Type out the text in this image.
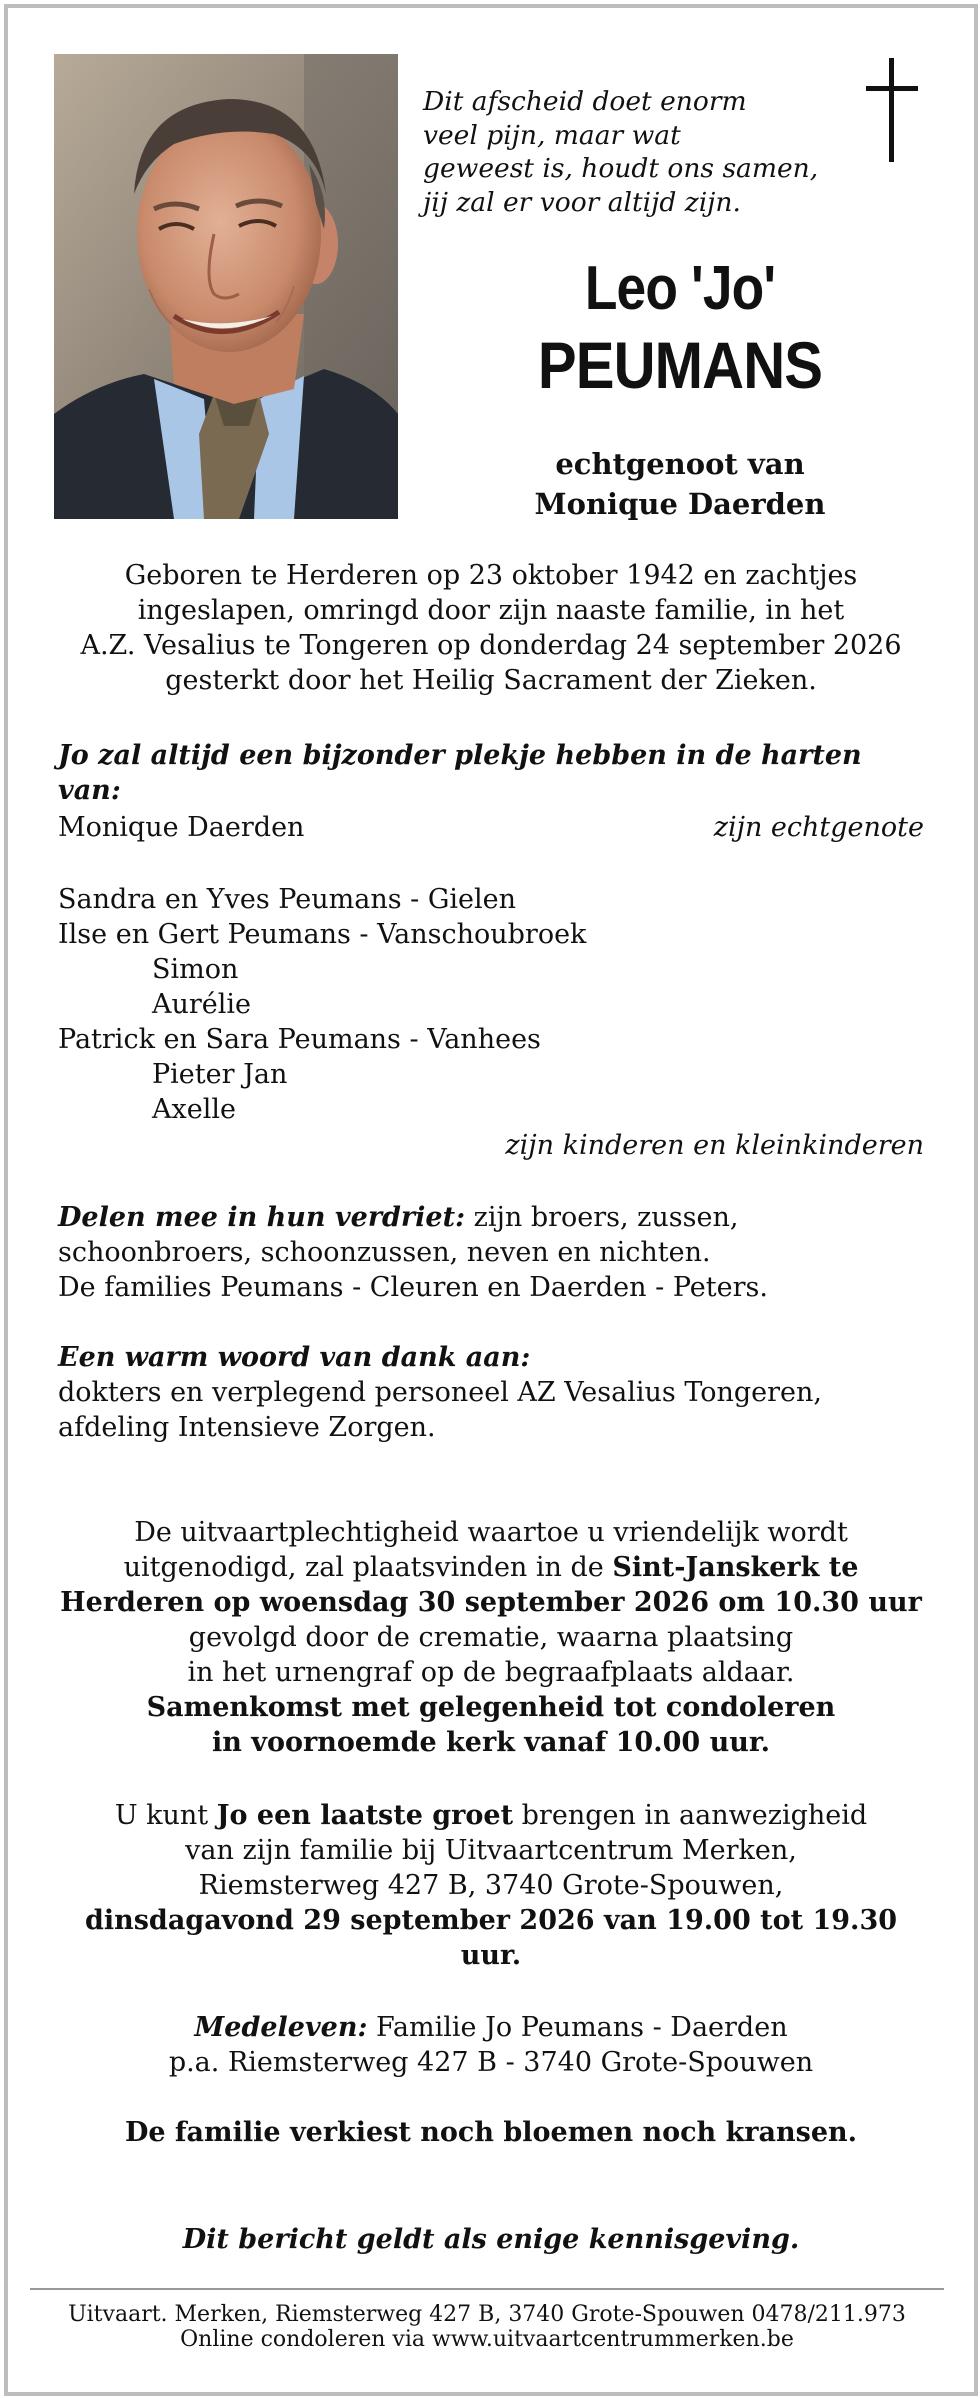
Dit afscheid doet enorm
veel pijn, maar wat
geweest is, houdt ons samen,
jij zal er voor altijd zijn.
Leo 'Jo'
PEUMANS
echtgenoot van
Monique Daerden
Geboren te Herderen op 23 oktober 1942 en zachtjes
ingeslapen, omringd door zijn naaste familie, in het
A.Z. Vesalius te Tongeren op donderdag 24 september 2026
gesterkt door het Heilig Sacrament der Zieken.
Jo zal altijd een bijzonder plekje hebben in de harten van:
Monique Daerden	zijn echtgenote
Sandra en Yves Peumans - Gielen
Ilse en Gert Peumans - Vanschoubroek
Simon
Aurélie
Patrick en Sara Peumans - Vanhees
Pieter Jan
Axelle
zijn kinderen en kleinkinderen
Delen mee in hun verdriet: zijn broers, zussen,
schoonbroers, schoonzussen, neven en nichten.
De families Peumans - Cleuren en Daerden - Peters.
Een warm woord van dank aan:
dokters en verplegend personeel AZ Vesalius Tongeren,
afdeling Intensieve Zorgen.
De uitvaartplechtigheid waartoe u vriendelijk wordt
uitgenodigd, zal plaatsvinden in de Sint-Janskerk te
Herderen op woensdag 30 september 2026 om 10.30 uur
gevolgd door de crematie, waarna plaatsing
in het urnengraf op de begraafplaats aldaar.
Samenkomst met gelegenheid tot condoleren
in voornoemde kerk vanaf 10.00 uur.
U kunt Jo een laatste groet brengen in aanwezigheid
van zijn familie bij Uitvaartcentrum Merken,
Riemsterweg 427 B, 3740 Grote-Spouwen,
dinsdagavond 29 september 2026 van 19.00 tot 19.30 uur.
Medeleven: Familie Jo Peumans - Daerden
p.a. Riemsterweg 427 B - 3740 Grote-Spouwen
De familie verkiest noch bloemen noch kransen.
Dit bericht geldt als enige kennisgeving.
Uitvaart. Merken, Riemsterweg 427 B, 3740 Grote-Spouwen 0478/211.973
Online condoleren via www.uitvaartcentrummerken.be
